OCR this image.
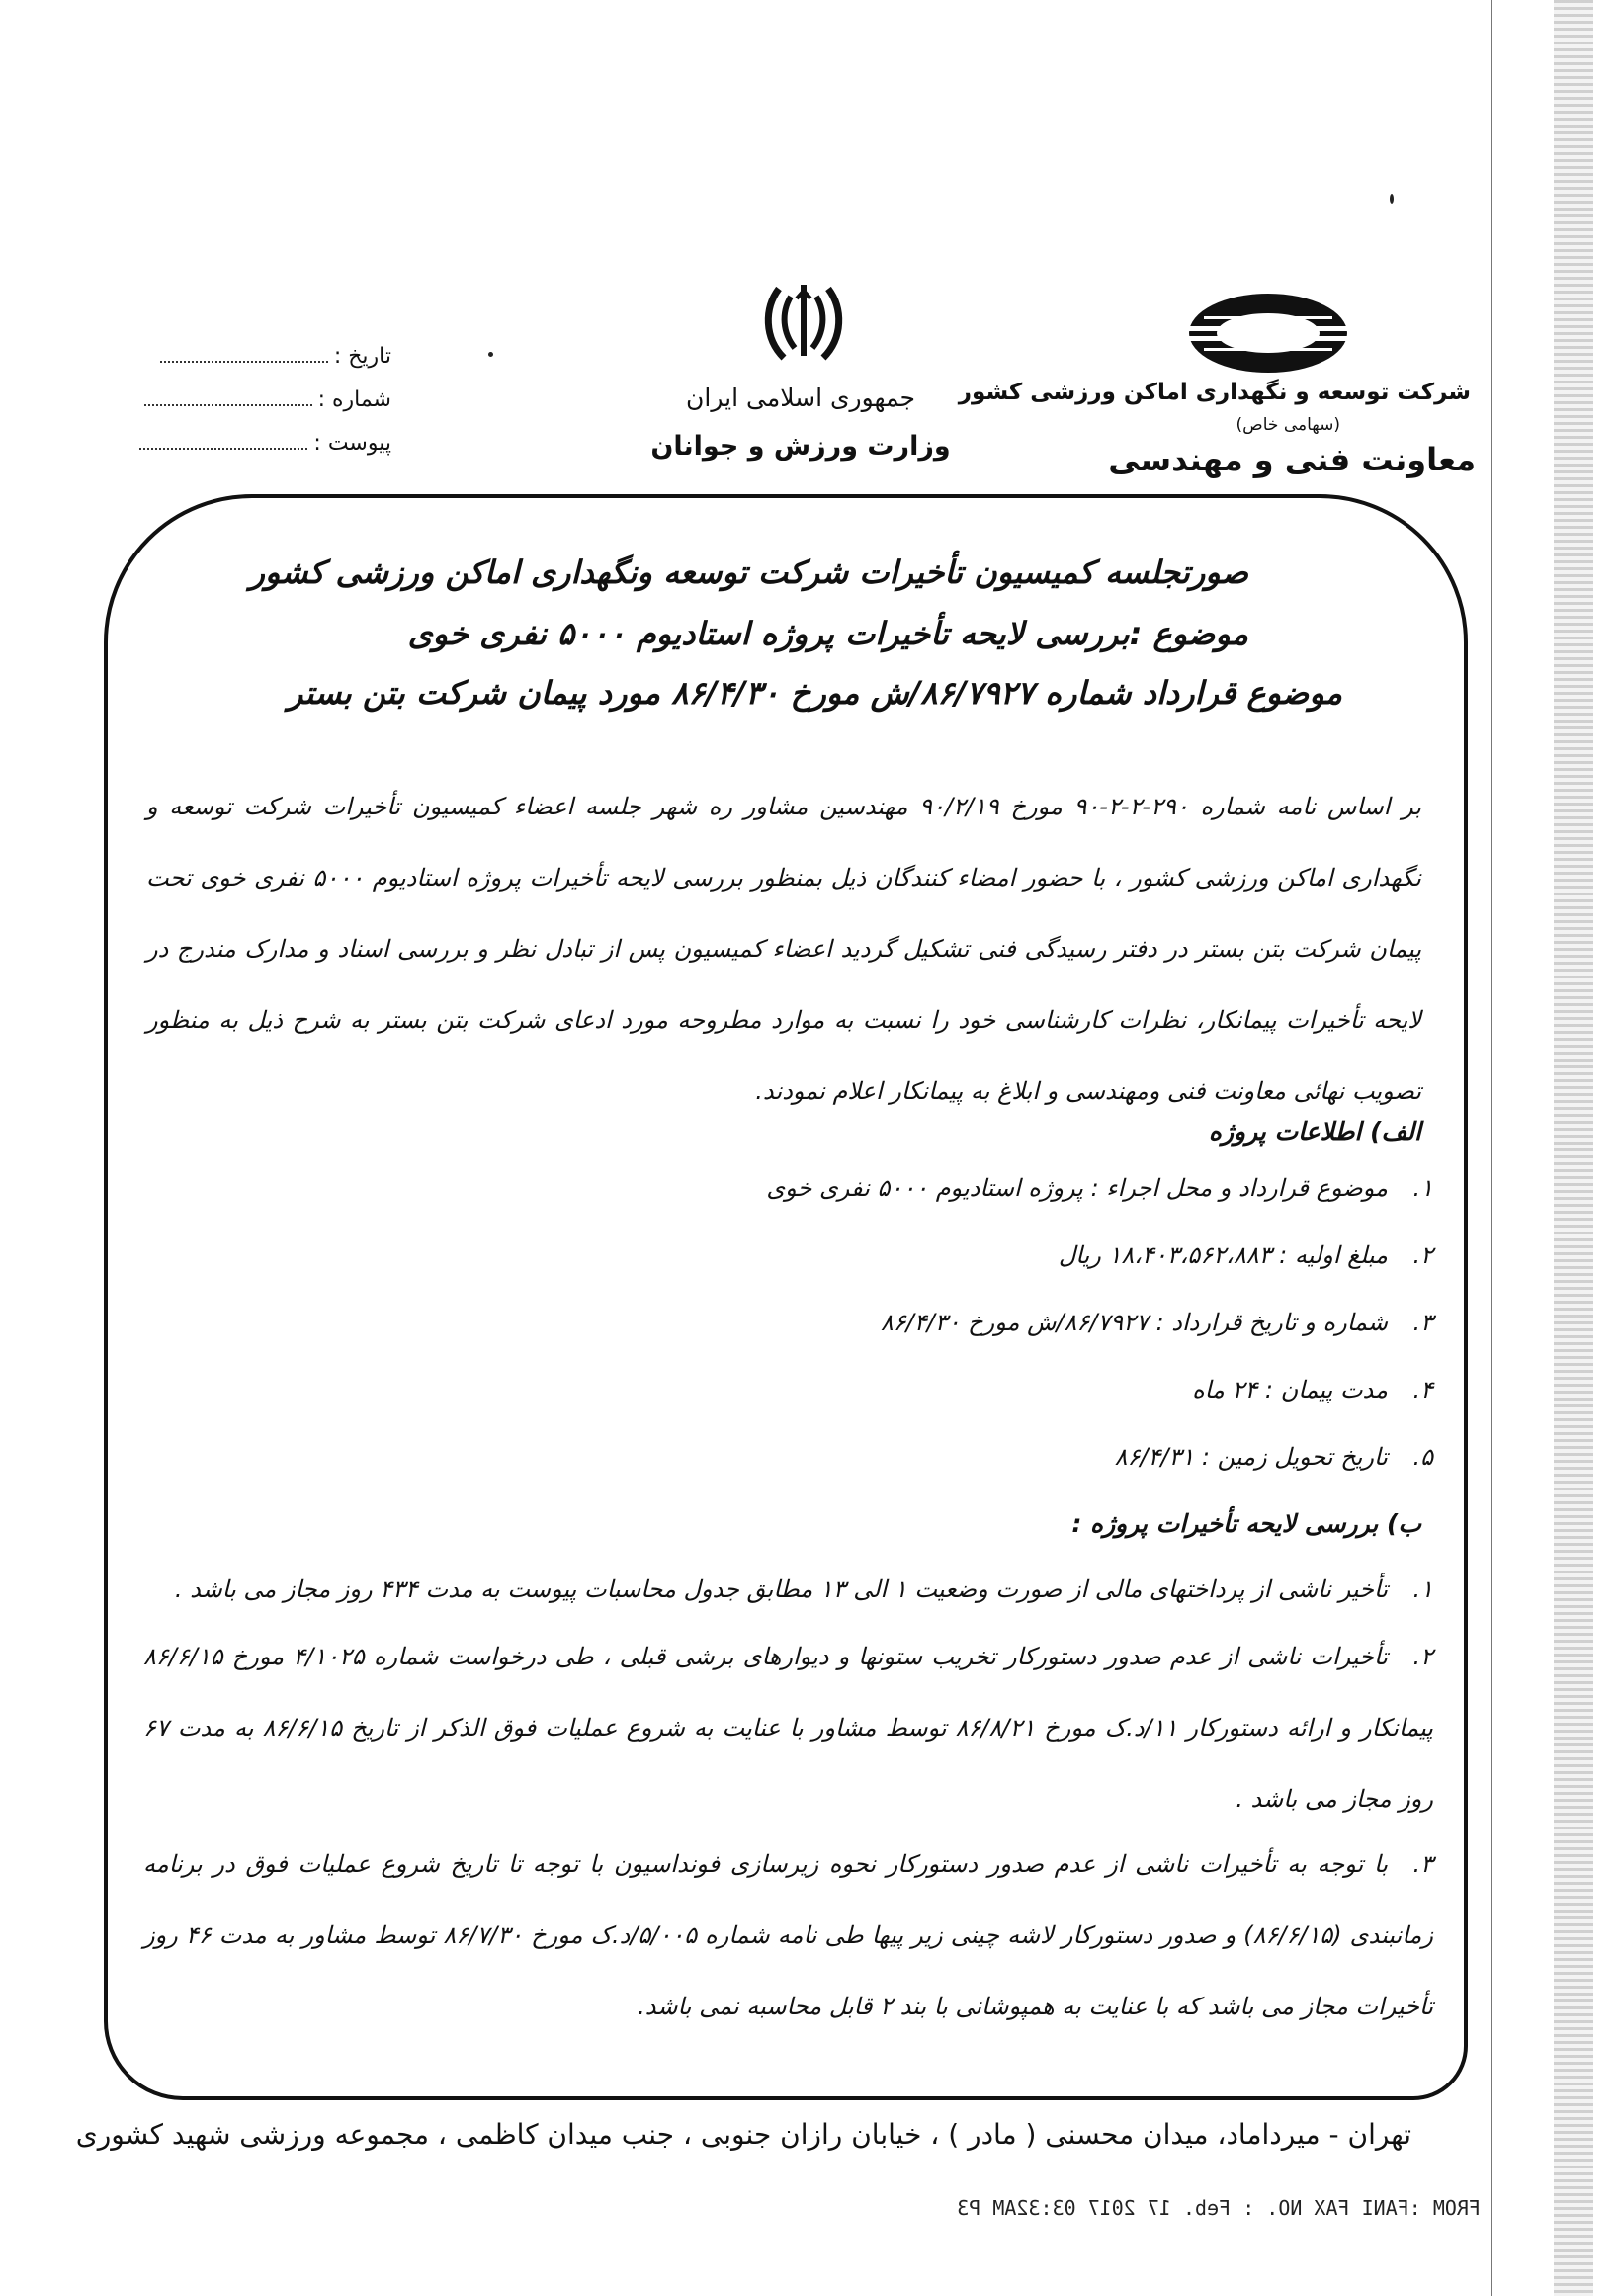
شرکت توسعه و نگهداری اماکن ورزشی کشور
(سهامی خاص)
معاونت فنی و مهندسی
جمهوری اسلامی ایران
وزارت ورزش و جوانان
تاریخ :
شماره :
پیوست :
صورتجلسه کمیسیون تأخیرات شرکت توسعه ونگهداری اماکن ورزشی کشور
موضوع :بررسی لایحه تأخیرات پروژه استادیوم ۵۰۰۰ نفری خوی
موضوع قرارداد شماره ۸۶/۷۹۲۷/ش مورخ ۸۶/۴/۳۰ مورد پیمان شرکت بتن بستر
بر اساس نامه شماره ۲۹۰-۲-۲-۹۰ مورخ ۹۰/۲/۱۹ مهندسین مشاور ره شهر جلسه اعضاء کمیسیون تأخیرات شرکت توسعه و نگهداری اماکن ورزشی کشور ، با حضور امضاء کنندگان ذیل بمنظور بررسی لایحه تأخیرات پروژه استادیوم ۵۰۰۰ نفری خوی تحت پیمان شرکت بتن بستر در دفتر رسیدگی فنی تشکیل گردید اعضاء کمیسیون پس از تبادل نظر و بررسی اسناد و مدارک مندرج در لایحه تأخیرات پیمانکار، نظرات کارشناسی خود را نسبت به موارد مطروحه مورد ادعای شرکت بتن بستر به شرح ذیل به منظور تصویب نهائی معاونت فنی ومهندسی و ابلاغ به پیمانکار اعلام نمودند.
الف) اطلاعات پروژه
۱.
موضوع قرارداد و محل اجراء : پروژه استادیوم ۵۰۰۰ نفری خوی
۲.
مبلغ اولیه : ۱۸،۴۰۳،۵۶۲،۸۸۳ ریال
۳.
شماره و تاریخ قرارداد : ۸۶/۷۹۲۷/ش مورخ ۸۶/۴/۳۰
۴.
مدت پیمان : ۲۴ ماه
۵.
تاریخ تحویل زمین : ۸۶/۴/۳۱
ب) بررسی لایحه تأخیرات پروژه :
۱.
تأخیر ناشی از پرداختهای مالی از صورت وضعیت ۱ الی ۱۳ مطابق جدول محاسبات پیوست به مدت ۴۳۴ روز مجاز می باشد .
۲.
تأخیرات ناشی از عدم صدور دستورکار تخریب ستونها و دیوارهای برشی قبلی ، طی درخواست شماره ۴/۱۰۲۵ مورخ ۸۶/۶/۱۵ پیمانکار و ارائه دستورکار ۱۱/د.ک مورخ ۸۶/۸/۲۱ توسط مشاور با عنایت به شروع عملیات فوق الذکر از تاریخ ۸۶/۶/۱۵ به مدت ۶۷ روز مجاز می باشد .
۳.
با توجه به تأخیرات ناشی از عدم صدور دستورکار نحوه زیرسازی فونداسیون با توجه تا تاریخ شروع عملیات فوق در برنامه زمانبندی (۸۶/۶/۱۵) و صدور دستورکار لاشه چینی زیر پیها طی نامه شماره ۵/۰۰۵/د.ک مورخ ۸۶/۷/۳۰ توسط مشاور به مدت ۴۶ روز تأخیرات مجاز می باشد که با عنایت به همپوشانی با بند ۲ قابل محاسبه نمی باشد.
تهران - میرداماد، میدان محسنی ( مادر ) ، خیابان رازان جنوبی ، جنب میدان کاظمی ، مجموعه ورزشی شهید کشوری
FROM :FANI FAX NO. : Feb. 17 2017 03:32AM P3
